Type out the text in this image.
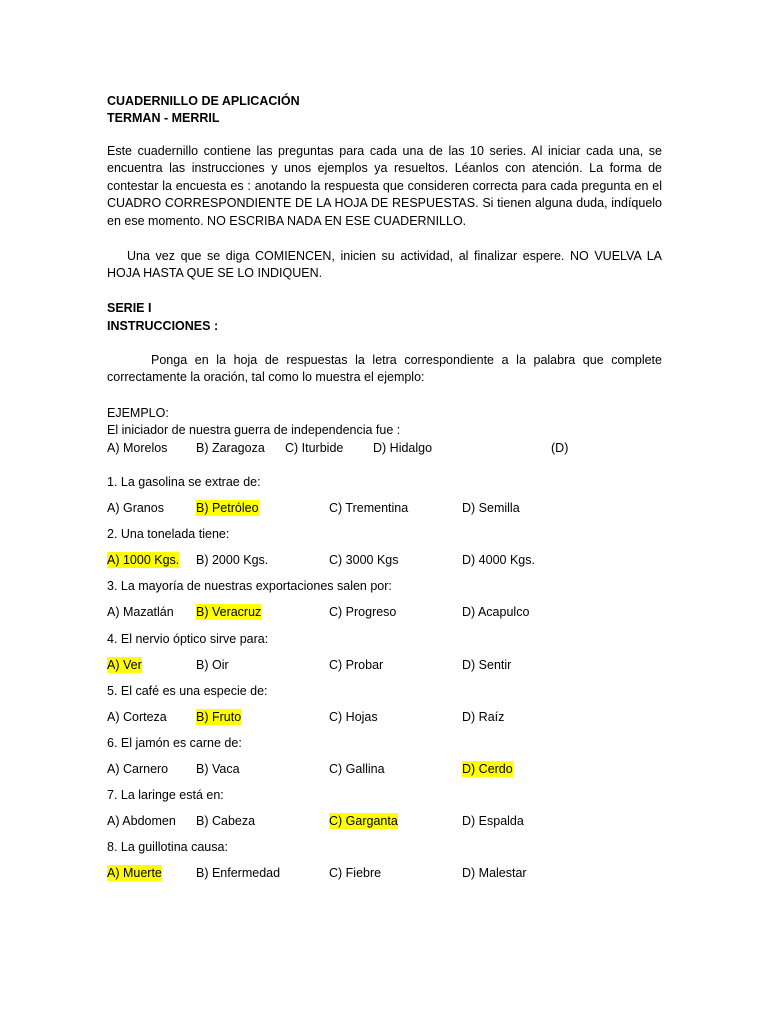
CUADERNILLO DE APLICACIÓN
TERMAN - MERRIL
Este cuadernillo contiene las preguntas para cada una de las 10 series. Al iniciar cada una, se encuentra las instrucciones y unos ejemplos ya resueltos. Léanlos con atención. La forma de contestar la encuesta es : anotando la respuesta que consideren correcta para cada pregunta en el CUADRO CORRESPONDIENTE DE LA HOJA DE RESPUESTAS. Si tienen alguna duda, indíquelo en ese momento. NO ESCRIBA NADA EN ESE CUADERNILLO.
Una vez que se diga COMIENCEN, inicien su actividad, al finalizar espere. NO VUELVA LA HOJA HASTA QUE SE LO INDIQUEN.
SERIE I
INSTRUCCIONES :
Ponga en la hoja de respuestas la letra correspondiente a la palabra que complete correctamente la oración, tal como lo muestra el ejemplo:
EJEMPLO:
El iniciador de nuestra guerra de independencia fue :
A) Morelos B) Zaragoza C) Iturbide D) Hidalgo	(D)
1. La gasolina se extrae de:
A) Granos	B) Petróleo	C) Trementina	D) Semilla
2. Una tonelada tiene:
A) 1000 Kgs. B) 2000 Kgs.	C) 3000 Kgs	D) 4000 Kgs.
3. La mayoría de nuestras exportaciones salen por:
A) Mazatlán B) Veracruz	C) Progreso	D) Acapulco
4. El nervio óptico sirve para:
A) Ver	B) Oir	C) Probar	D) Sentir
5. El café es una especie de:
A) Corteza B) Fruto	C) Hojas	D) Raíz
6. El jamón es carne de:
A) Carnero B) Vaca	C) Gallina	D) Cerdo
7. La laringe está en:
A) Abdomen B) Cabeza	C) Garganta	D) Espalda
8. La guillotina causa:
A) Muerte	B) Enfermedad	C) Fiebre	D) Malestar
